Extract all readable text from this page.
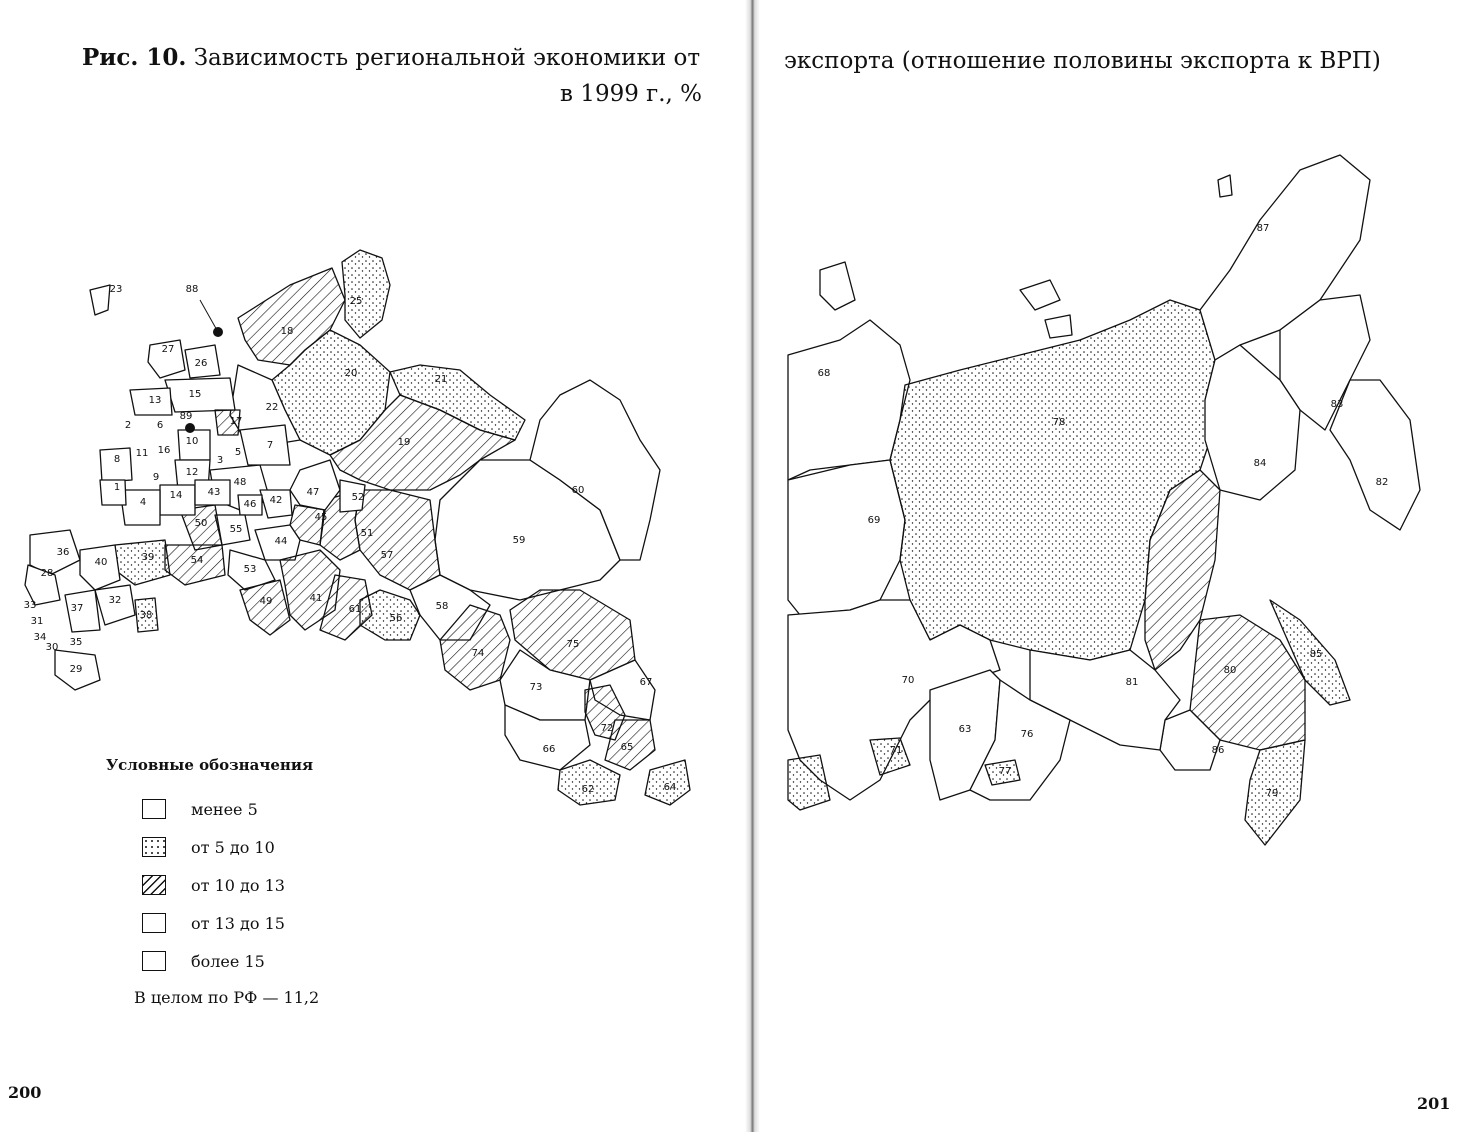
Рис. 10. Зависимость региональной экономики от
в 1999 г., %
1
2
3
4
5
6
7
8
9
10
11
12
13
14
15
16
17
18
19
20
21
22
23
25
26
27
28
29
30
31
32
33
34 35
36
37
38
39
40
41
42
43
44
45
46
47
48
49
50
51
52
53
54
55
56
57
58
59
60
61
62	64
65
66
67
72
73
74
75
88
89
Условные обозначения
менее 5
от 5 до 10
от 10 до 13
от 13 до 15
более 15
В целом по РФ — 11,2
200
экспорта (отношение половины экспорта к ВРП)
63
68
69
70
71
76
77
78
79
80
81
82
83
84
85
86
87
201
